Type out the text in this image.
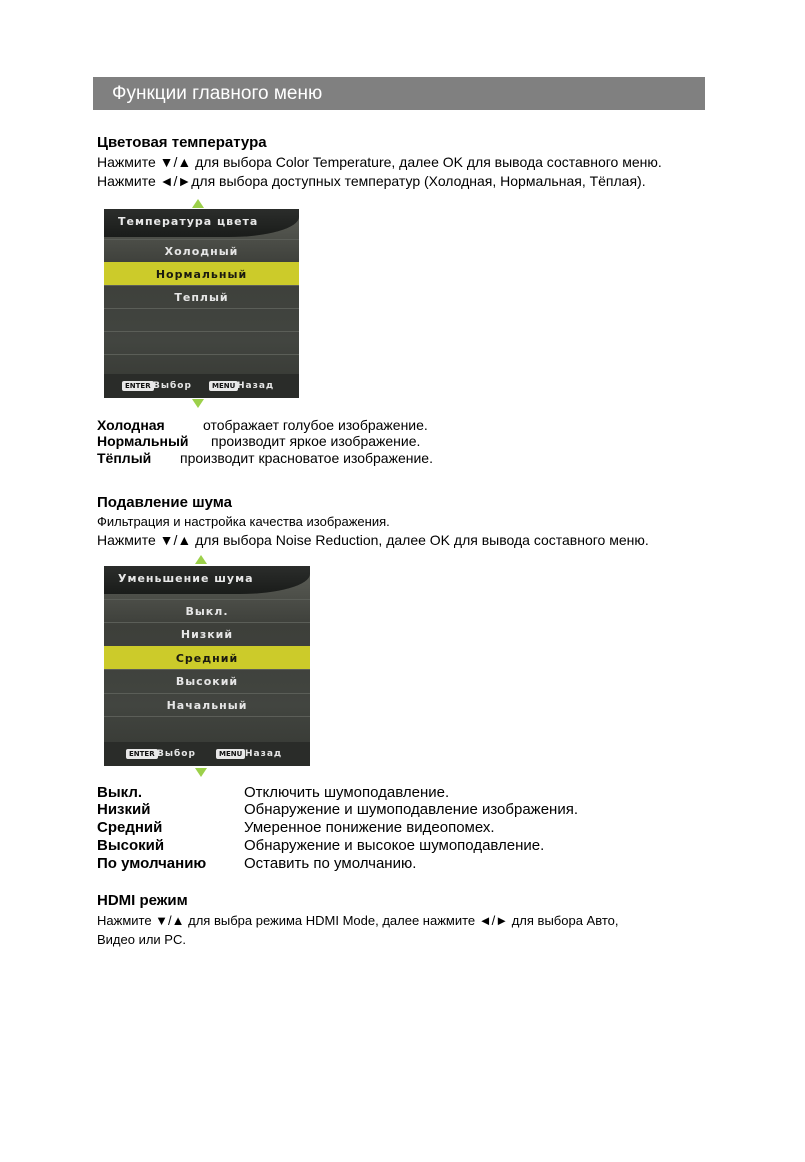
Функции главного меню
Цветовая температура
Нажмите ▼/▲ для выбора Color Temperature, далее OK для вывода составного меню.
Нажмите ◄/►для выбора доступных температур (Холодная, Нормальная, Тёплая).
Температура цвета
Холодный
Нормальный
Теплый
ENTER Выбор	MENU Назад
Холодная	отображает голубое изображение.
Нормальный производит яркое изображение.
Тёплый производит красноватое изображение.
Подавление шума
Фильтрация и настройка качества изображения.
Нажмите ▼/▲ для выбора Noise Reduction, далее OK для вывода составного меню.
Уменьшение шума
Выкл.
Низкий
Средний
Высокий
Начальный
ENTER Выбор	MENU Назад
Выкл.	Отключить шумоподавление.
Низкий	Обнаружение и шумоподавление изображения.
Средний	Умеренное понижение видеопомех.
Высокий	Обнаружение и высокое шумоподавление.
По умолчанию	Оставить по умолчанию.
HDMI режим
Нажмите ▼/▲ для выбра режима HDMI Mode, далее нажмите ◄/► для выбора Авто,
Видео или PC.
